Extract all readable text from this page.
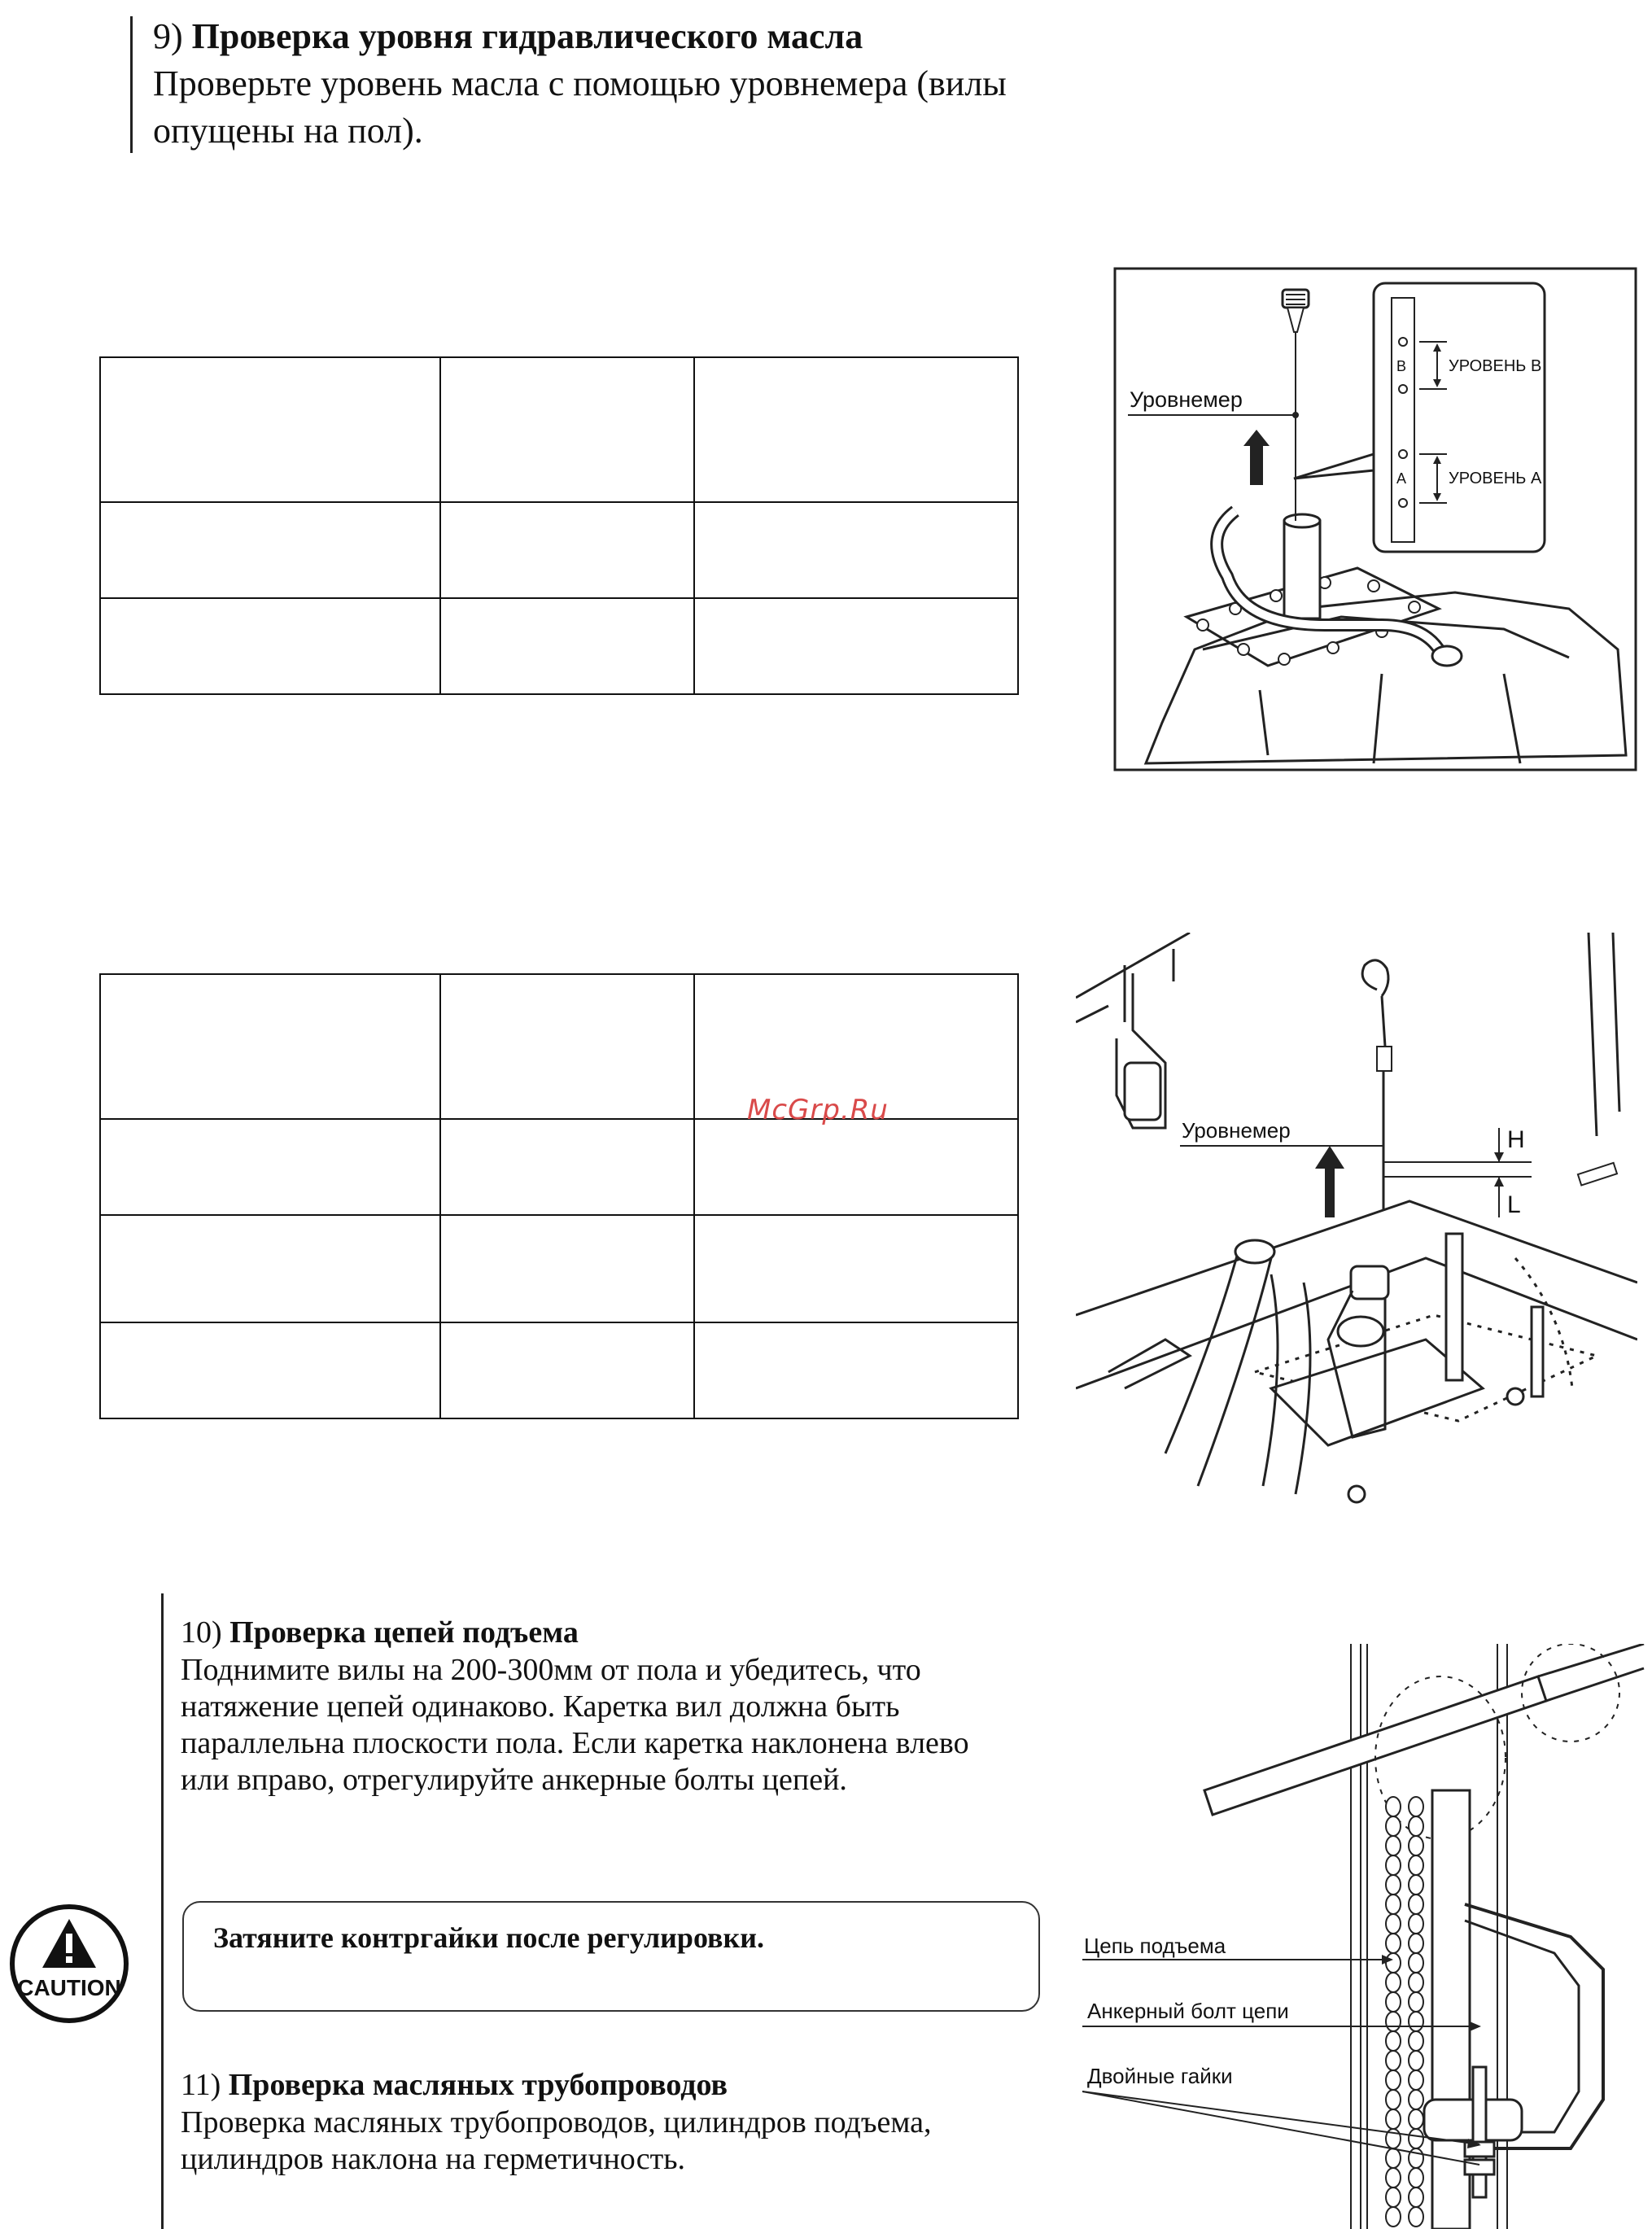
9) Проверка уровня гидравлического масла
Проверьте уровень масла с помощью уровнемера (вилы
опущены на пол).

Уровнемер
B
A
УРОВЕНЬ B
УРОВЕНЬ A

McGrp.Ru
Уровнемер	H
L
10) Проверка цепей подъема
Поднимите вилы на 200-300мм от пола и убедитесь, что
натяжение цепей одинаково. Каретка вил должна быть
параллельна плоскости пола. Если каретка наклонена влево
или вправо, отрегулируйте анкерные болты цепей.
CAUTION
Затяните контргайки после регулировки.
11) Проверка масляных трубопроводов
Проверка масляных трубопроводов, цилиндров подъема,
цилиндров наклона на герметичность.
Цепь подъема
Анкерный болт цепи
Двойные гайки
